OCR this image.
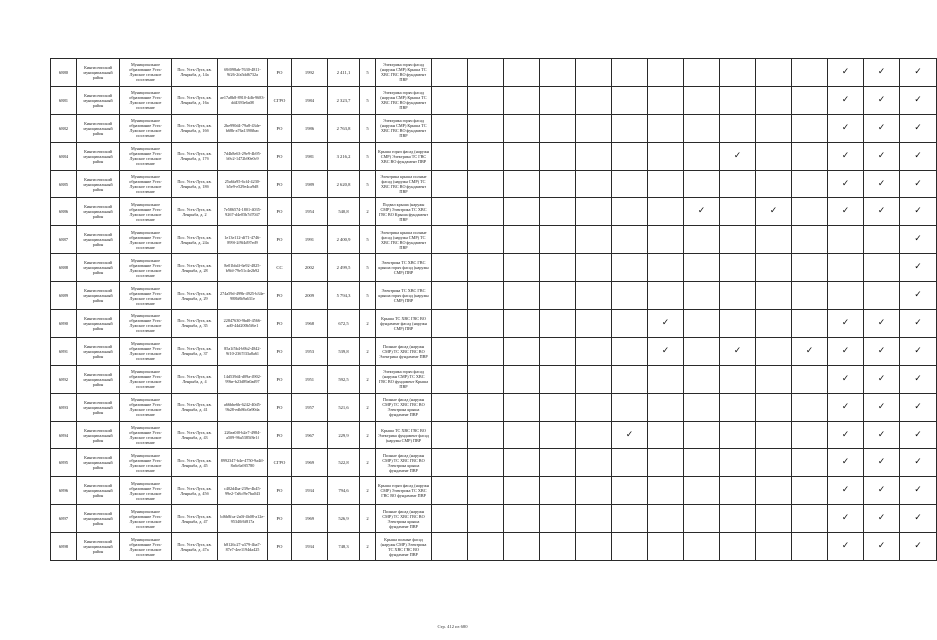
6880	Кингисеппский муниципальный район	Муниципальное образование Усть-Лужское сельское поселение	Пос. Усть-Луга, кв. Ленрыба, д. 14а	69f098ab-7630-4811-9f26-2fa5dd6732a	РО	1992	2 411,1	5	Электрика горяч фасад (наружн СМР) Крыша ТС ХВС ГВС ВО фундамент ПВР												✓	✓	✓
6881	Кингисеппский муниципальный район	Муниципальное образование Усть-Лужское сельское поселение	Пос. Усть-Луга, кв. Ленрыба, д. 16а	ae17a8b8-8910-4db-9683-dd4393e6a08	СГРО	1984	2 323,7	5	Электрика горяч фасад (наружн СМР) Крыша ТС ХВС ГВС ВО фундамент ПВР												✓	✓	✓
6882	Кингисеппский муниципальный район	Муниципальное образование Усть-Лужское сельское поселение	Пос. Усть-Луга, кв. Ленрыба, д. 16б	2be990d4-79a8-43de-b68b-a76a1390fbac	РО	1986	2 763,8	5	Электрика горяч фасад (наружн СМР) Крыша ТС ХВС ГВС ВО фундамент ПВР												✓	✓	✓
6884	Кингисеппский муниципальный район	Муниципальное образование Усть-Лужское сельское поселение	Пос. Усть-Луга, кв. Ленрыба, д. 17б	7d4b8e63-29e9-4b95-b9c2-1472b90e0c9	РО	1981	3 216,2	5	Крыша горяч фасад (наружн СМР) Электрика ТС ГВС ХВС ВО фундамент ПВР									✓			✓	✓	✓
6885	Кингисеппский муниципальный район	Муниципальное образование Усть-Лужское сельское поселение	Пос. Усть-Луга, кв. Ленрыба, д. 18б	25a6fa95-6cf4-4230-b5e9-e529e4ca9d8	РО	1989	2 620,8	5	Электрика крыша полные фасад (наружн СМР) ТС ХВС ГВС ВО фундамент ПВР												✓	✓	✓
6886	Кингисеппский муниципальный район	Муниципальное образование Усть-Лужское сельское поселение	Пос. Усть-Луга, кв. Ленрыба, д. 2	7e586574-1801-4035-9267-d4e05b7d7047	РО	1954	540,8	2	Подвал крыша (наружн СМР) Электрика ТС ХВС ГВС ВО Крыша фундамент ПВР								✓		✓		✓	✓	✓
6887	Кингисеппский муниципальный район	Муниципальное образование Усть-Лужское сельское поселение	Пос. Усть-Луга, кв. Ленрыба, д. 24а	1e13e112-df71-4746-899f-2f9f4d97ed9	РО	1991	2 400,9	5	Электрика крыша полные фасад (наружн СМР) ТС ХВС ГВС ВО фундамент ПВР														✓
6888	Кингисеппский муниципальный район	Муниципальное образование Усть-Лужское сельское поселение	Пос. Усть-Луга, кв. Ленрыба, д. 28	8e01bb4f-6e92-4825-b9fd-79e51c4e2b92	СС	2002	2 499,5	5	Электрика ТС ХВС ГВС крыша горяч фасад (наружн СМР) ПВР														✓
6889	Кингисеппский муниципальный район	Муниципальное образование Усть-Лужское сельское поселение	Пос. Усть-Луга, кв. Ленрыба, д. 29	274a59d-499b-4925-b34e-988b8b9a631e	РО	2009	5 794,3	5	Электрика ТС ХВС ГВС крыша горяч фасад (наружн СМР) ПВР														✓
6890	Кингисеппский муниципальный район	Муниципальное образование Усть-Лужское сельское поселение	Пос. Усть-Луга, кв. Ленрыба, д. 35	22847630-9bd0-4566-ad0-44d200b5f6e1	РО	1968	672,5	2	Крыша ТС ХВС ГВС ВО фундамент фасад (наружн СМР) ПВР							✓					✓	✓	✓
6891	Кингисеппский муниципальный район	Муниципальное образование Усть-Лужское сельское поселение	Пос. Усть-Луга, кв. Ленрыба, д. 37	85a1f5b4-b9b2-4842-9f10-2367f33a8a61	РО	1953	539,8	2	Полные фасад (наружн СМР) ТС ХВС ГВС ВО Электрика фундамент ПВР							✓		✓		✓	✓	✓	✓
6892	Кингисеппский муниципальный район	Муниципальное образование Усть-Лужское сельское поселение	Пос. Усть-Луга, кв. Ленрыба, д. 4	14d539d4-d09a-4902-99be-b23d89a0ad97	РО	1951	592,5	2	Электрика горяч фасад (наружн СМР) ТС ХВС ГВС ВО фундамент Крыша ПВР												✓	✓	✓
6893	Кингисеппский муниципальный район	Муниципальное образование Усть-Лужское сельское поселение	Пос. Усть-Луга, кв. Ленрыба, д. 41	a66bbe6b-6242-40d5-9b28-edb86c0a90da	РО	1957	521,6	2	Полные фасад (наружн СМР) ТС ХВС ГВС ВО Электрика крыша фундамент ПВР												✓	✓	✓
6894	Кингисеппский муниципальный район	Муниципальное образование Усть-Лужское сельское поселение	Пос. Усть-Луга, кв. Ленрыба, д. 43	226ea0f0-b2e7-4984-a509-96a5385f8e1f	РО	1967	229,9	2	Крыша ТС ХВС ГВС ВО Электрика фундамент фасад (наружн СМР) ПВР						✓						✓	✓	✓
6895	Кингисеппский муниципальный район	Муниципальное образование Усть-Лужское сельское поселение	Пос. Усть-Луга, кв. Ленрыба, д. 45	8992347-b4e-4750-9a4ff-8a6c6a9f5780	СГРО	1969	522,8	2	Полные фасад (наружн СМР) ТС ХВС ГВС ВО Электрика крыша фундамент ПВР												✓	✓	✓
6896	Кингисеппский муниципальный район	Муниципальное образование Усть-Лужское сельское поселение	Пос. Усть-Луга, кв. Ленрыба, д. 45б	c402d4ba-239e-4b45-99e2-7a8cf9e7ba043	РО	1934	794,6	2	Крыша горяч фасад (наружн СМР) Электрика ТС ХВС ГВС ВО фундамент ПВР												✓	✓	✓
6897	Кингисеппский муниципальный район	Муниципальное образование Усть-Лужское сельское поселение	Пос. Усть-Луга, кв. Ленрыба, д. 47	bf6b8fca-2a0f-4b08-a12e-95340f6f817a	РО	1969	526,9	2	Полные фасад (наружн СМР) ТС ХВС ГВС ВО Электрика крыша фундамент ПВР												✓	✓	✓
6898	Кингисеппский муниципальный район	Муниципальное образование Усть-Лужское сельское поселение	Пос. Усть-Луга, кв. Ленрыба, д. 47а	b8126c27-a379-4ba7-87e7-4ee1194da425	РО	1934	748,3	2	Крыша полные фасад (наружн СМР) Электрика ТС ХВС ГВС ВО фундамент ПВР												✓	✓	✓
Стр. 412 из 680
